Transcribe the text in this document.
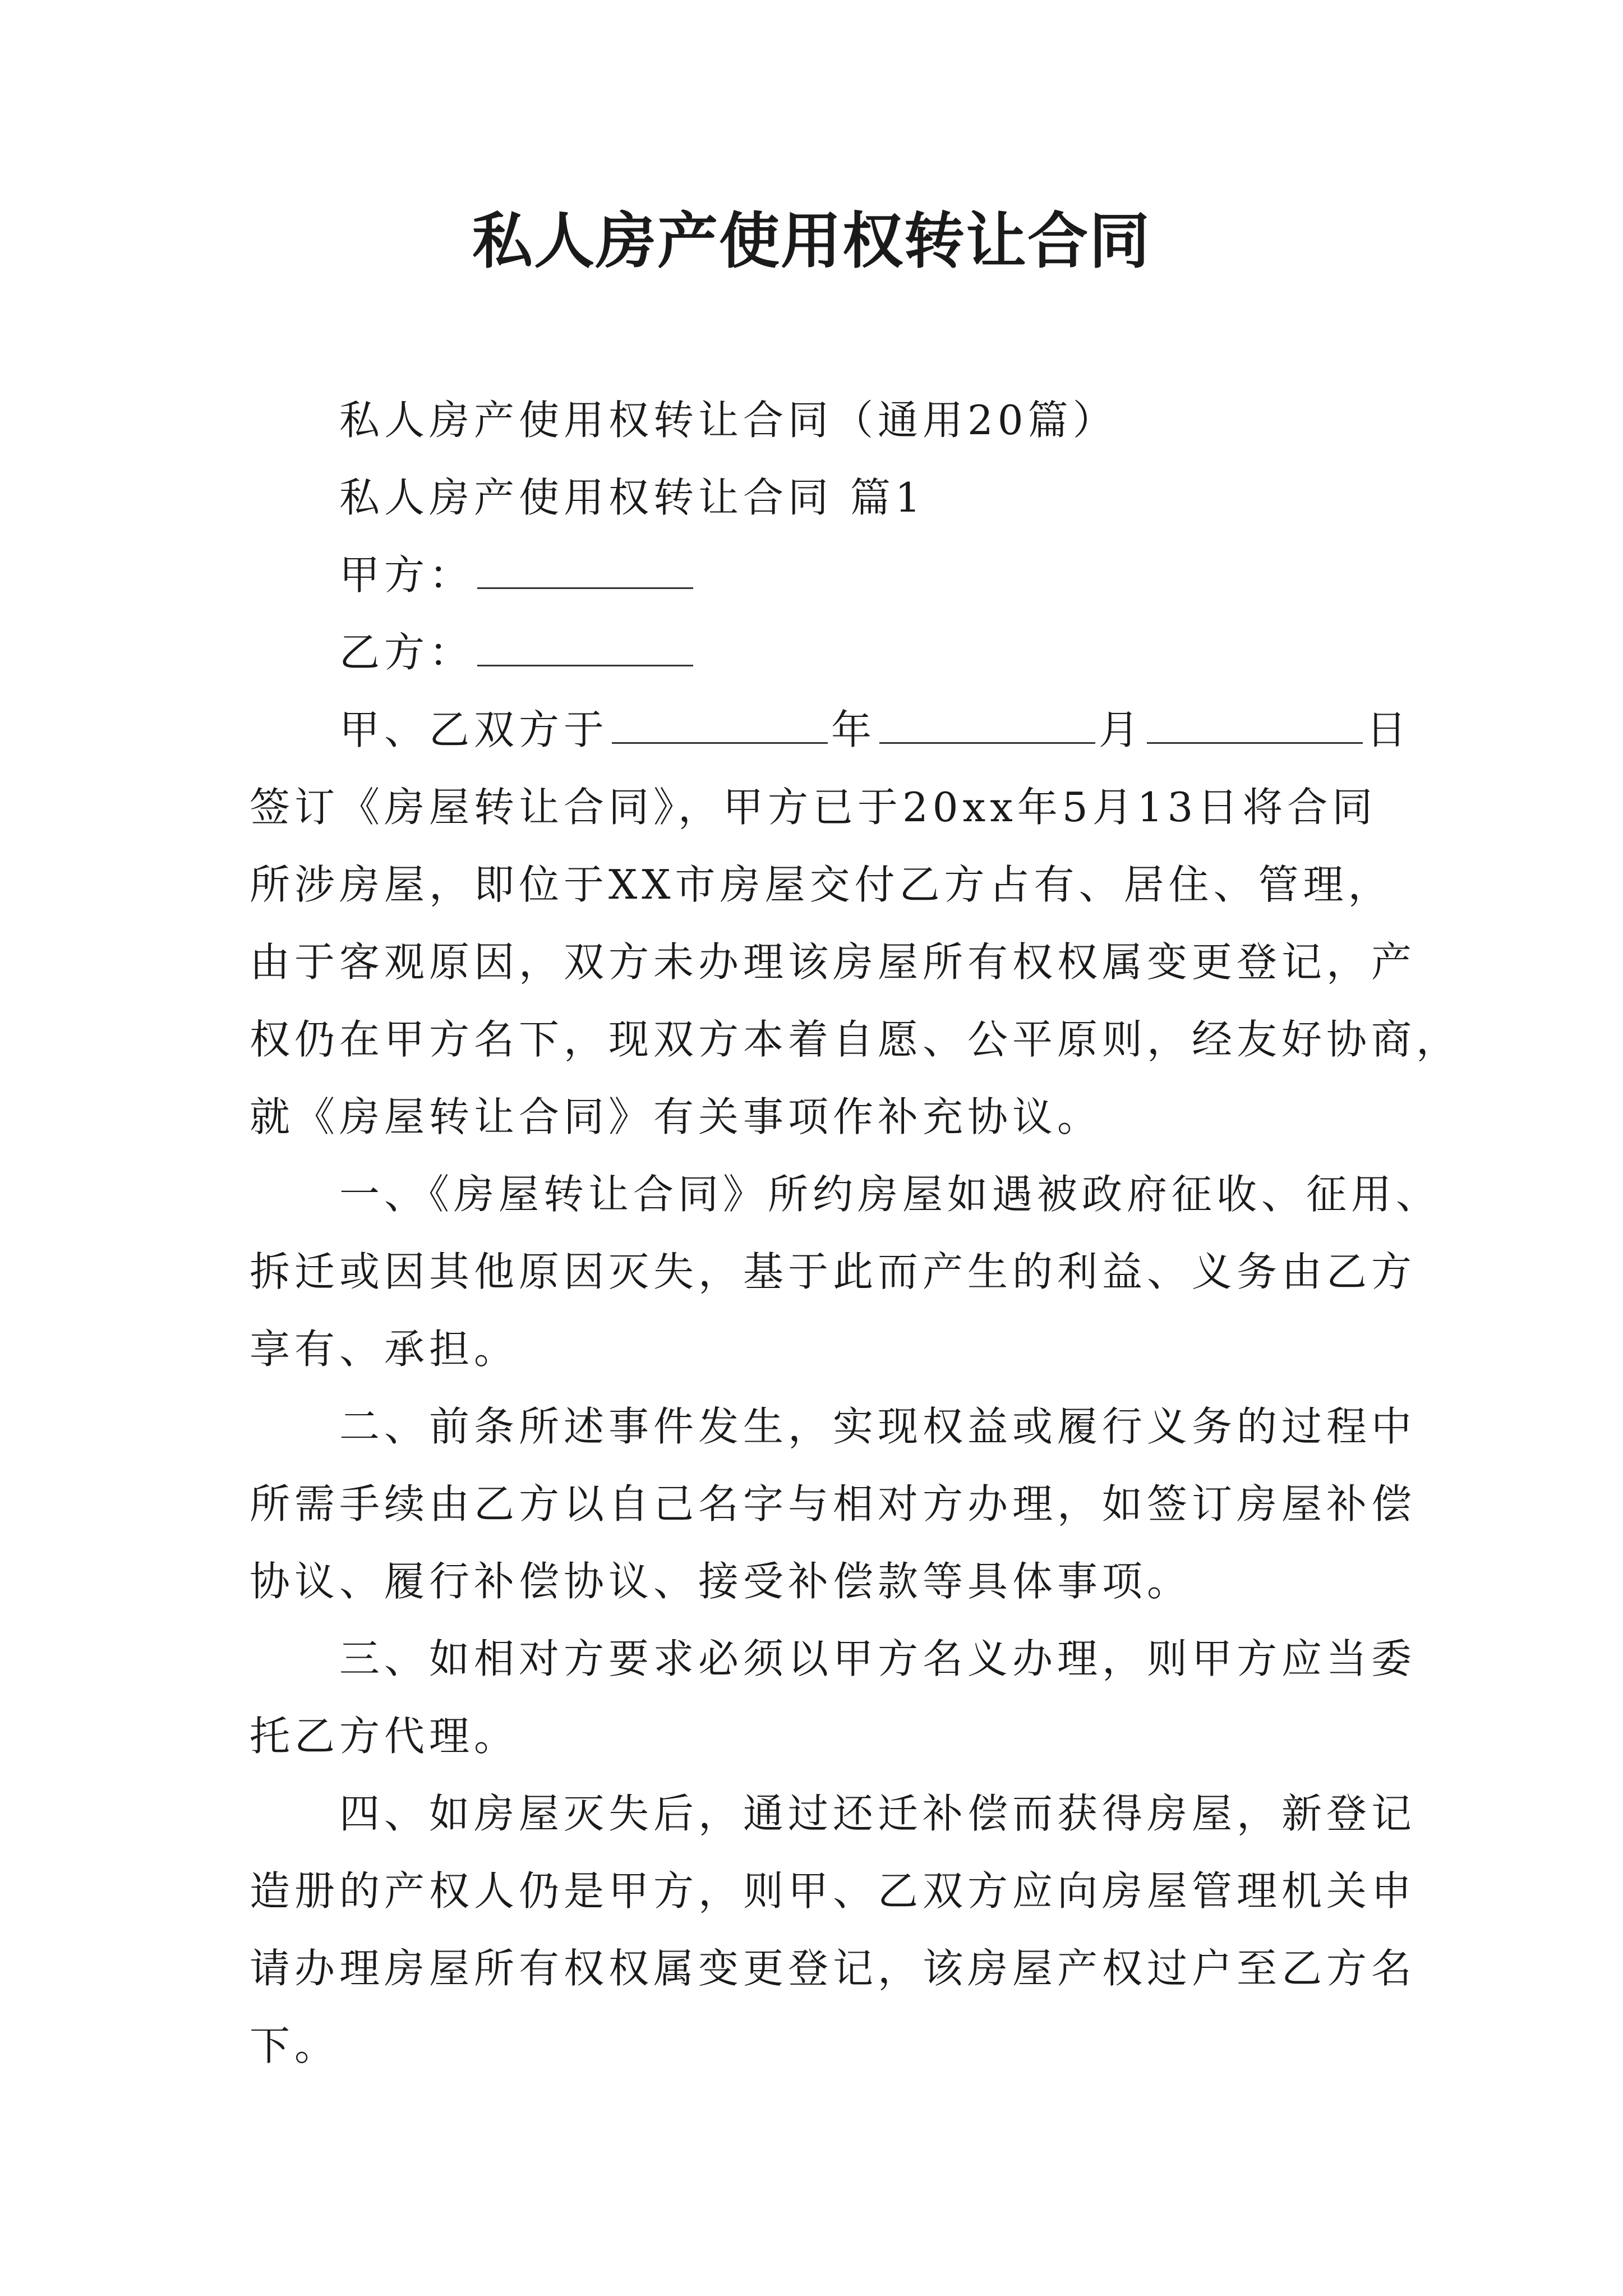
私人房产使用权转让合同
私人房产使用权转让合同（通用20篇）
私人房产使用权转让合同 篇1
甲方：
乙方：
甲、乙双方于	年	月	日
签订《房屋转让合同》，甲方已于20xx年5月13日将合同
所涉房屋，即位于XX市房屋交付乙方占有、居住、管理，
由于客观原因，双方未办理该房屋所有权权属变更登记，产
权仍在甲方名下，现双方本着自愿、公平原则，经友好协商，
就《房屋转让合同》有关事项作补充协议。
一、《房屋转让合同》所约房屋如遇被政府征收、征用、
拆迁或因其他原因灭失，基于此而产生的利益、义务由乙方
享有、承担。
二、前条所述事件发生，实现权益或履行义务的过程中
所需手续由乙方以自己名字与相对方办理，如签订房屋补偿
协议、履行补偿协议、接受补偿款等具体事项。
三、如相对方要求必须以甲方名义办理，则甲方应当委
托乙方代理。
四、如房屋灭失后，通过还迁补偿而获得房屋，新登记
造册的产权人仍是甲方，则甲、乙双方应向房屋管理机关申
请办理房屋所有权权属变更登记，该房屋产权过户至乙方名
下。
